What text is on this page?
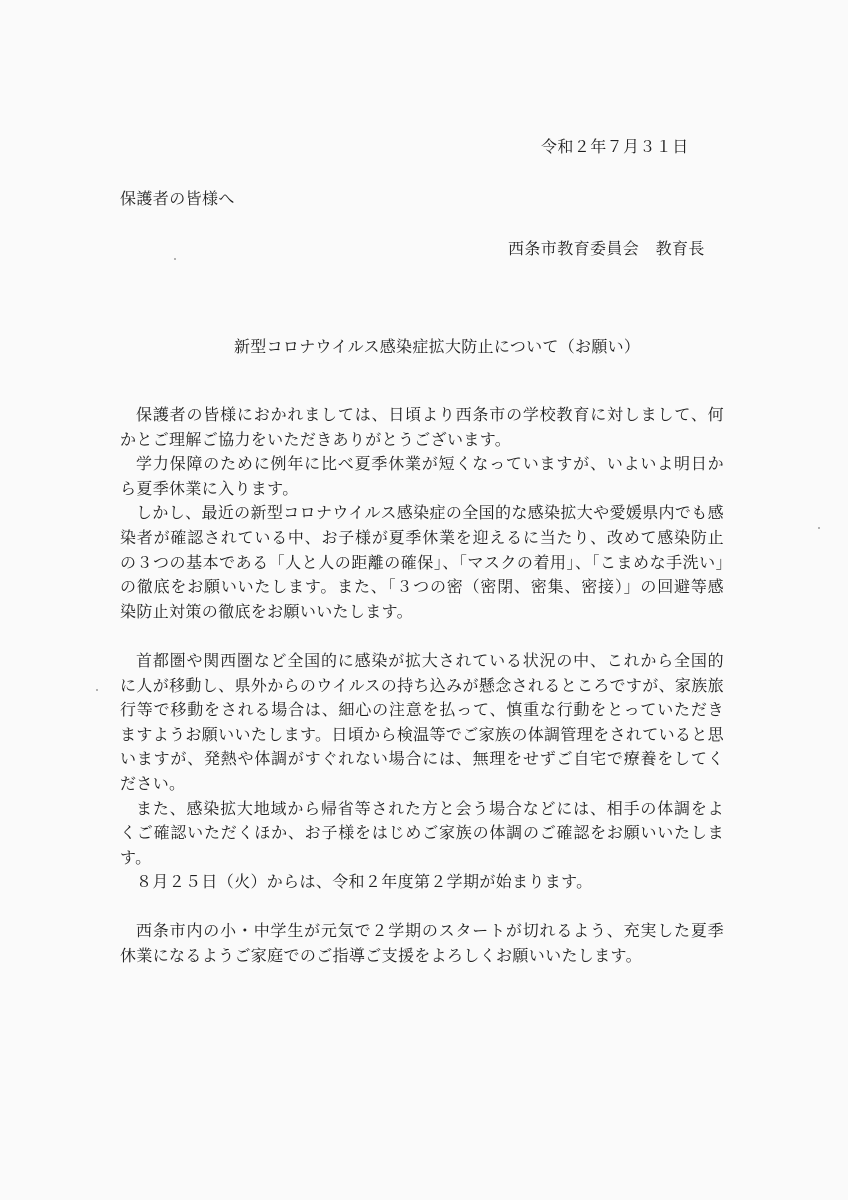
令和２年７月３１日
保護者の皆様へ
西条市教育委員会　教育長
新型コロナウイルス感染症拡大防止について（お願い）

保護者の皆様におかれましては、日頃より西条市の学校教育に対しまして、何かとご理解ご協力をいただきありがとうございます。

学力保障のために例年に比べ夏季休業が短くなっていますが、いよいよ明日から夏季休業に入ります。

しかし、最近の新型コロナウイルス感染症の全国的な感染拡大や愛媛県内でも感染者が確認されている中、お子様が夏季休業を迎えるに当たり、改めて感染防止の３つの基本である「人と人の距離の確保」、「マスクの着用」、「こまめな手洗い」の徹底をお願いいたします。また、「３つの密（密閉、密集、密接）」の回避等感染防止対策の徹底をお願いいたします。

首都圏や関西圏など全国的に感染が拡大されている状況の中、これから全国的に人が移動し、県外からのウイルスの持ち込みが懸念されるところですが、家族旅行等で移動をされる場合は、細心の注意を払って、慎重な行動をとっていただきますようお願いいたします。日頃から検温等でご家族の体調管理をされていると思いますが、発熱や体調がすぐれない場合には、無理をせずご自宅で療養をしてください。

また、感染拡大地域から帰省等された方と会う場合などには、相手の体調をよくご確認いただくほか、お子様をはじめご家族の体調のご確認をお願いいたします。

８月２５日（火）からは、令和２年度第２学期が始まります。

西条市内の小・中学生が元気で２学期のスタートが切れるよう、充実した夏季休業になるようご家庭でのご指導ご支援をよろしくお願いいたします。
